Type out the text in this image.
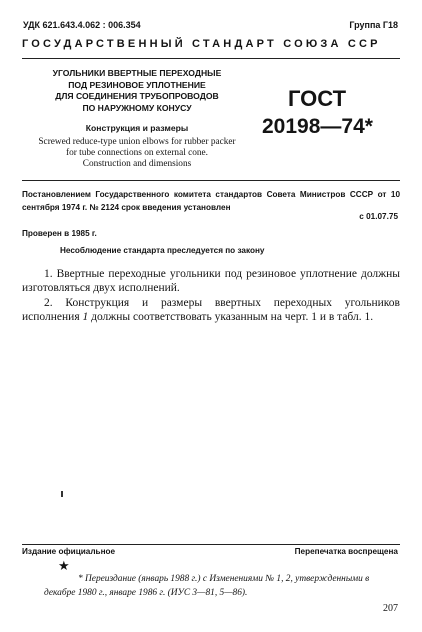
УДК 621.643.4.062 : 006.354	Группа Г18
ГОСУДАРСТВЕННЫЙ СТАНДАРТ СОЮЗА ССР
УГОЛЬНИКИ ВВЕРТНЫЕ ПЕРЕХОДНЫЕ
ПОД РЕЗИНОВОЕ УПЛОТНЕНИЕ
ДЛЯ СОЕДИНЕНИЯ ТРУБОПРОВОДОВ
ПО НАРУЖНОМУ КОНУСУ
Конструкция и размеры
Screwed reduce-type union elbows for rubber packer
for tube connections on external cone.
Construction and dimensions
ГОСТ
20198—74*
Постановлением Государственного комитета стандартов Совета Министров СССР от 10 сентября 1974 г. № 2124 срок введения установлен
с 01.07.75
Проверен в 1985 г.
Несоблюдение стандарта преследуется по закону
1. Ввертные переходные угольники под резиновое уплотнение должны изготовляться двух исполнений.
2. Конструкция и размеры ввертных переходных угольников исполнения 1 должны соответствовать указанным на черт. 1 и в табл. 1.
Издание официальное	Перепечатка воспрещена
★
* Переиздание (январь 1988 г.) с Изменениями № 1, 2, утвержденными в декабре 1980 г., январе 1986 г. (ИУС 3—81, 5—86).
207
